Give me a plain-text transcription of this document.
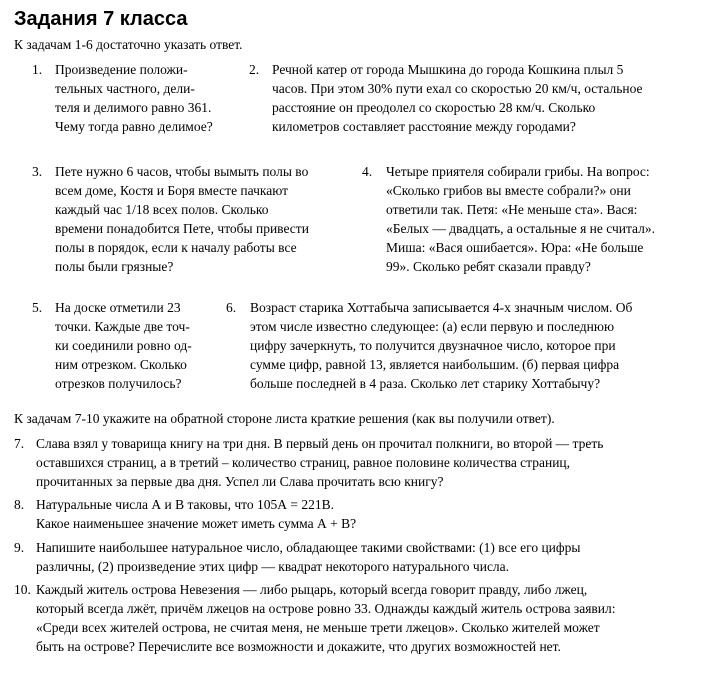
Задания 7 класса
К задачам 1-6 достаточно указать ответ.
1. Произведение положи-
тельных частного, дели-
теля и делимого равно 361.
Чему тогда равно делимое?
2. Речной катер от города Мышкина до города Кошкина плыл 5
часов. При этом 30% пути ехал со скоростью 20 км/ч, остальное
расстояние он преодолел со скоростью 28 км/ч. Сколько
километров составляет расстояние между городами?
3. Пете нужно 6 часов, чтобы вымыть полы во
всем доме, Костя и Боря вместе пачкают
каждый час 1/18 всех полов. Сколько
времени понадобится Пете, чтобы привести
полы в порядок, если к началу работы все
полы были грязные?
4. Четыре приятеля собирали грибы. На вопрос:
«Сколько грибов вы вместе собрали?» они
ответили так. Петя: «Не меньше ста». Вася:
«Белых — двадцать, а остальные я не считал».
Миша: «Вася ошибается». Юра: «Не больше
99». Сколько ребят сказали правду?
5. На доске отметили 23
точки. Каждые две точ-
ки соединили ровно од-
ним отрезком. Сколько
отрезков получилось?
6. Возраст старика Хоттабыча записывается 4-х значным числом. Об
этом числе известно следующее: (а) если первую и последнюю
цифру зачеркнуть, то получится двузначное число, которое при
сумме цифр, равной 13, является наибольшим. (б) первая цифра
больше последней в 4 раза. Сколько лет старику Хоттабычу?
К задачам 7-10 укажите на обратной стороне листа краткие решения (как вы получили ответ).
7. Слава взял у товарища книгу на три дня. В первый день он прочитал полкниги, во второй — треть
оставшихся страниц, а в третий – количество страниц, равное половине количества страниц,
прочитанных за первые два дня. Успел ли Слава прочитать всю книгу?
8. Натуральные числа А и В таковы, что 105А = 221В.
Какое наименьшее значение может иметь сумма А + В?
9. Напишите наибольшее натуральное число, обладающее такими свойствами: (1) все его цифры
различны, (2) произведение этих цифр — квадрат некоторого натурального числа.
10. Каждый житель острова Невезения — либо рыцарь, который всегда говорит правду, либо лжец,
который всегда лжёт, причём лжецов на острове ровно 33. Однажды каждый житель острова заявил:
«Среди всех жителей острова, не считая меня, не меньше трети лжецов». Сколько жителей может
быть на острове? Перечислите все возможности и докажите, что других возможностей нет.
